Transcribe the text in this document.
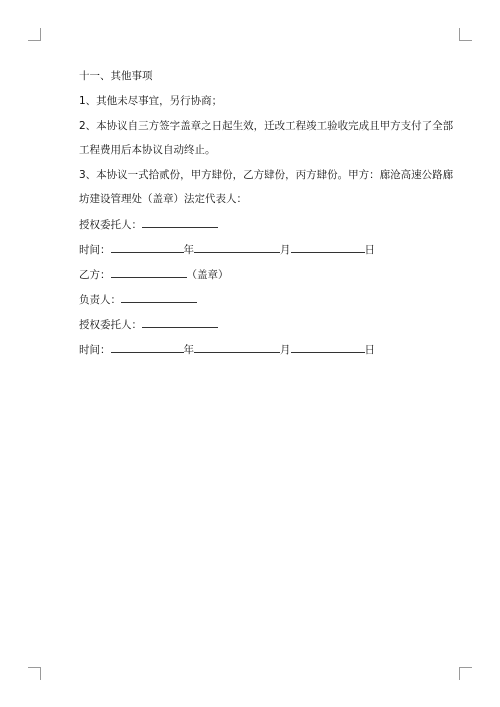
十一、其他事项
1、其他未尽事宜，另行协商；
2、本协议自三方签字盖章之日起生效，迁改工程竣工验收完成且甲方支付了全部工程费用后本协议自动终止。
3、本协议一式拾贰份，甲方肆份，乙方肆份，丙方肆份。甲方：廊沧高速公路廊坊建设管理处（盖章）法定代表人：
授权委托人：
时间：	年	月	日
乙方：	（盖章）
负责人：
授权委托人：
时间：	年	月	日
